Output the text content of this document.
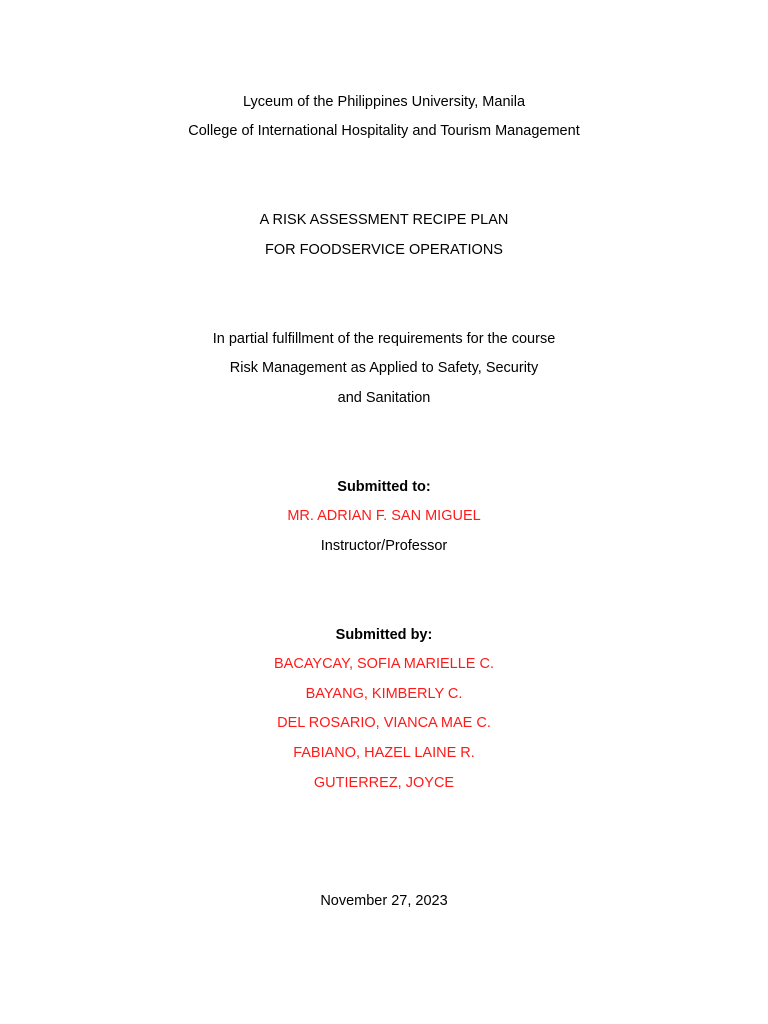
Lyceum of the Philippines University, Manila
College of International Hospitality and Tourism Management
A RISK ASSESSMENT RECIPE PLAN
FOR FOODSERVICE OPERATIONS
In partial fulfillment of the requirements for the course
Risk Management as Applied to Safety, Security
and Sanitation
Submitted to:
MR. ADRIAN F. SAN MIGUEL
Instructor/Professor
Submitted by:
BACAYCAY, SOFIA MARIELLE C.
BAYANG, KIMBERLY C.
DEL ROSARIO, VIANCA MAE C.
FABIANO, HAZEL LAINE R.
GUTIERREZ, JOYCE
November 27, 2023
